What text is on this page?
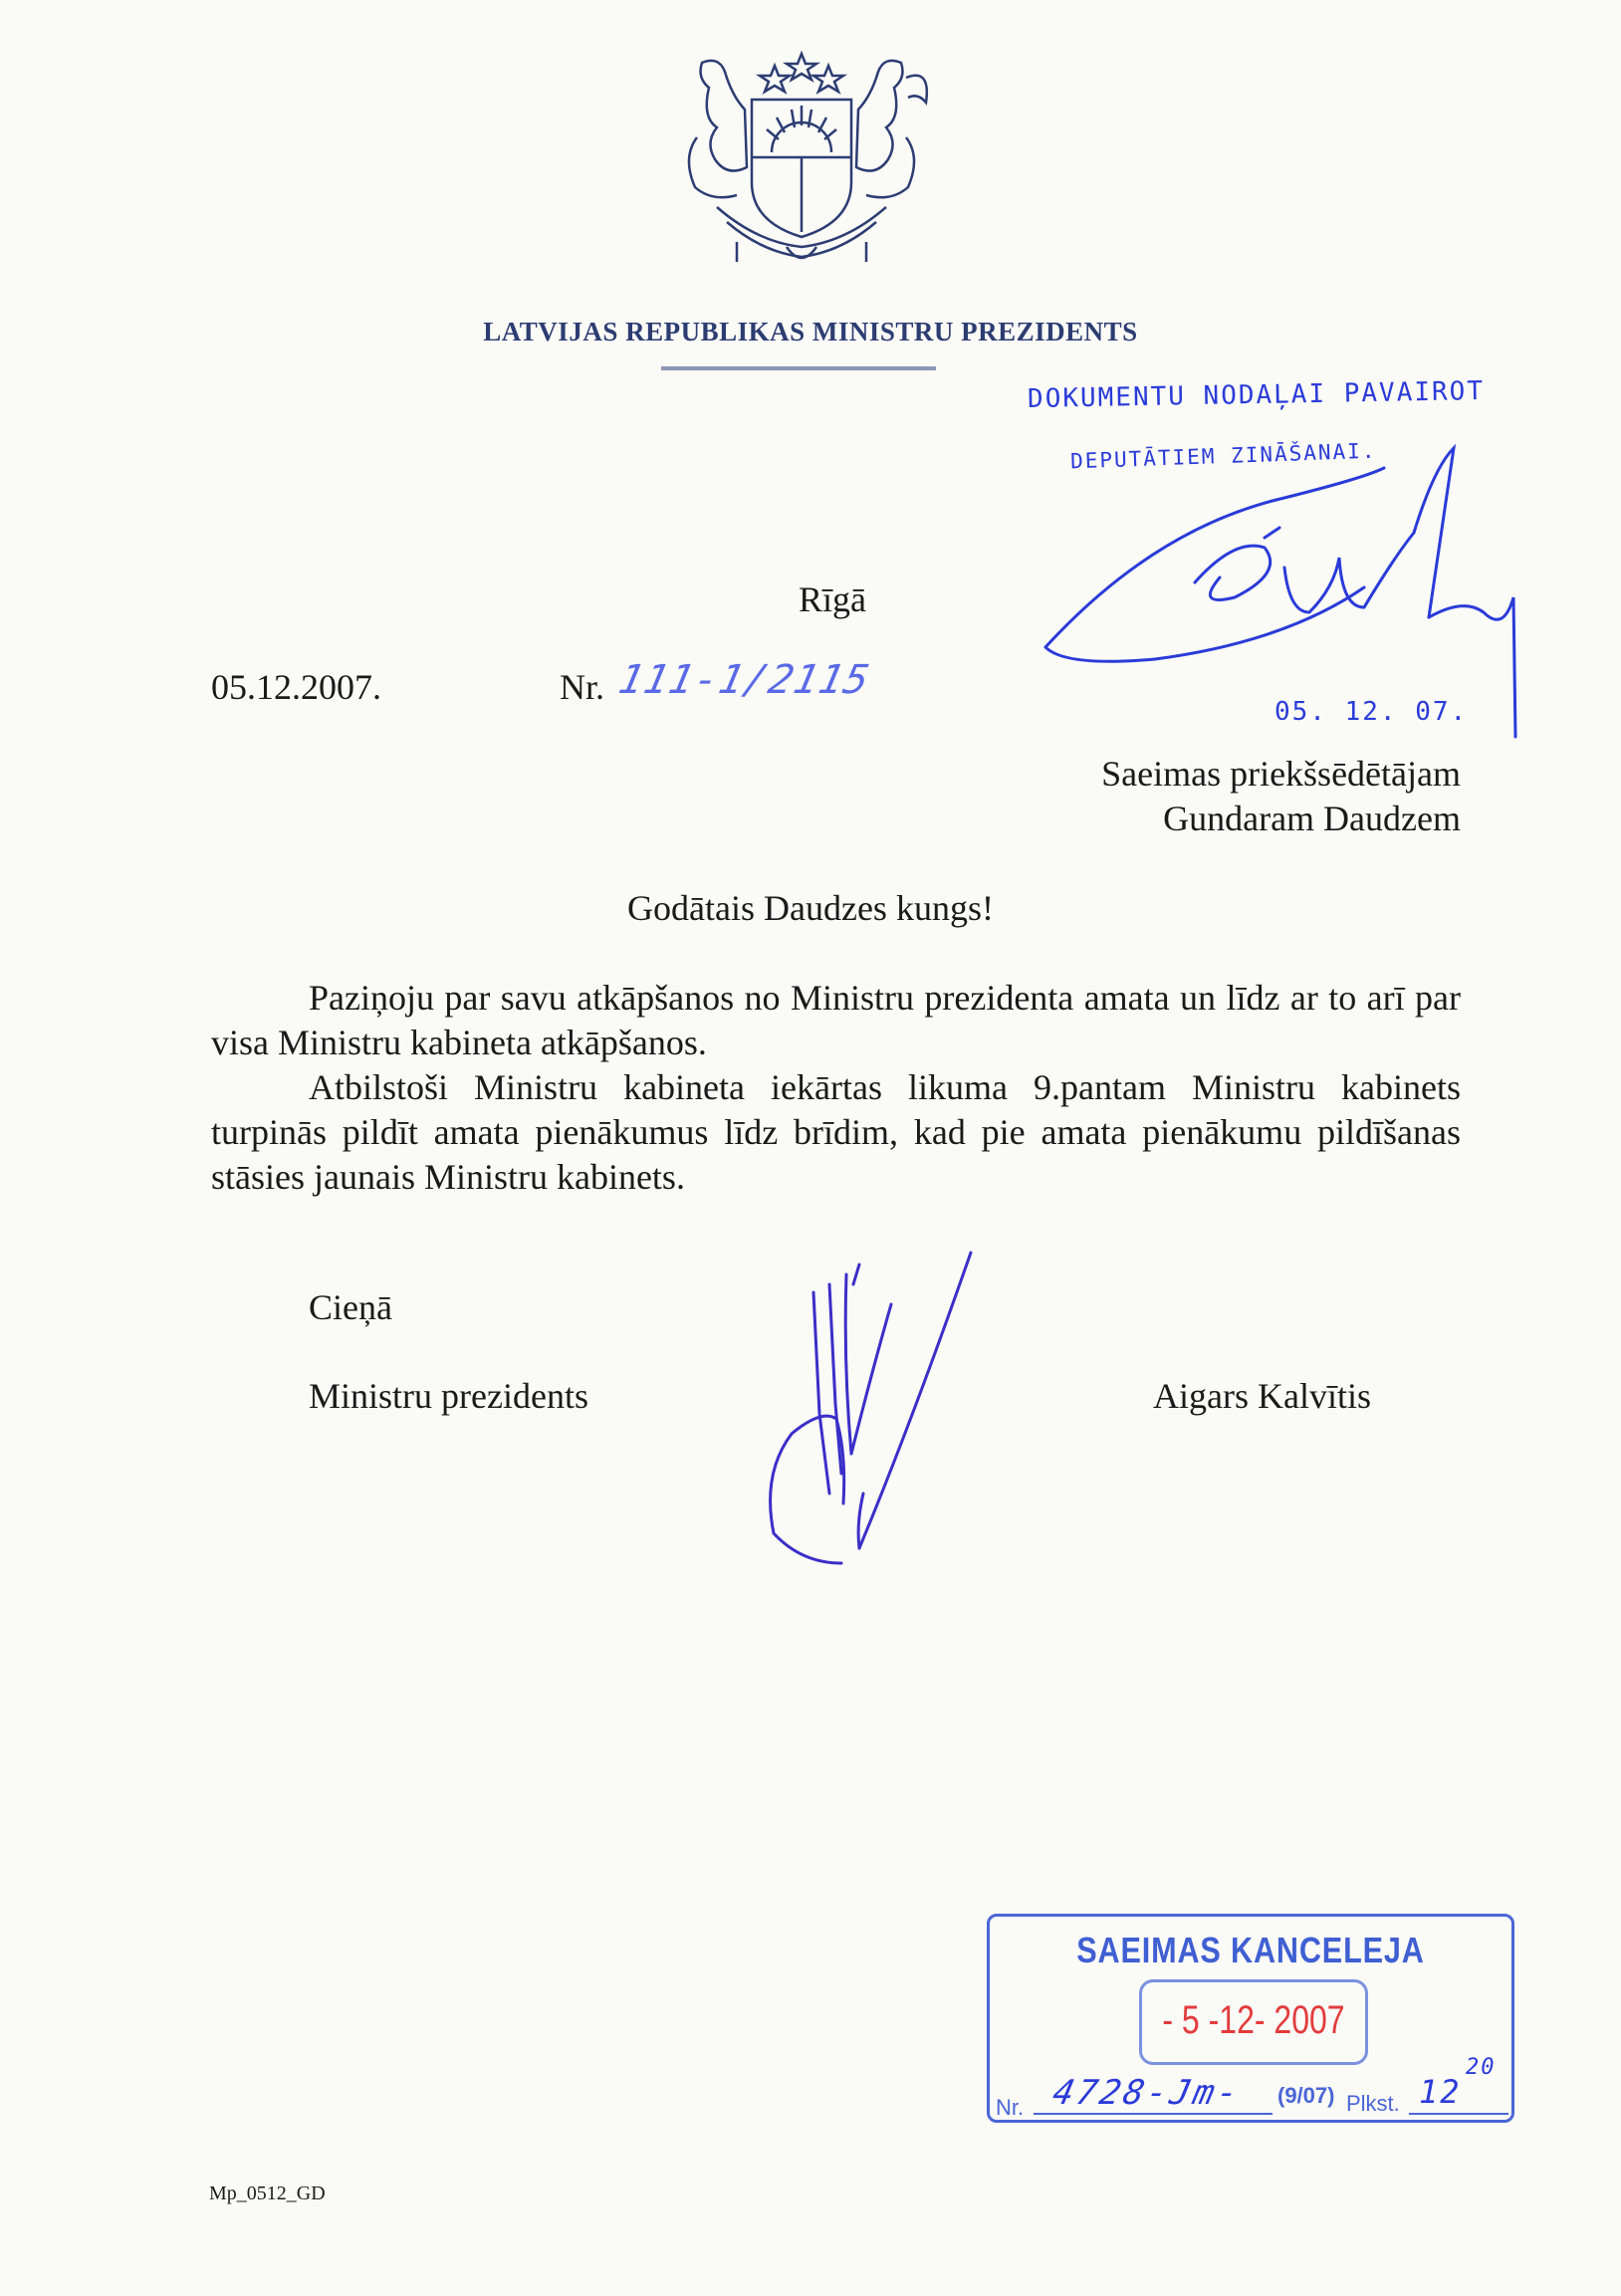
LATVIJAS REPUBLIKAS MINISTRU PREZIDENTS
DOKUMENTU NODAĻAI PAVAIROT
DEPUTĀTIEM ZINĀŠANAI.
05. 12. 07.
Rīgā
05.12.2007.	Nr. 111-1/2115
Saeimas priekšsēdētājam
Gundaram Daudzem
Godātais Daudzes kungs!
Paziņoju par savu atkāpšanos no Ministru prezidenta amata un līdz ar to arī par visa Ministru kabineta atkāpšanos.
Atbilstoši Ministru kabineta iekārtas likuma 9.pantam Ministru kabinets turpinās pildīt amata pienākumus līdz brīdim, kad pie amata pienākumu pildīšanas stāsies jaunais Ministru kabinets.
Cieņā
Ministru prezidents	Aigars Kalvītis
SAEIMAS KANCELEJA
- 5 -12- 2007
Nr. 4728-Jm- (9/07) Plkst. 12
20
Mp_0512_GD
